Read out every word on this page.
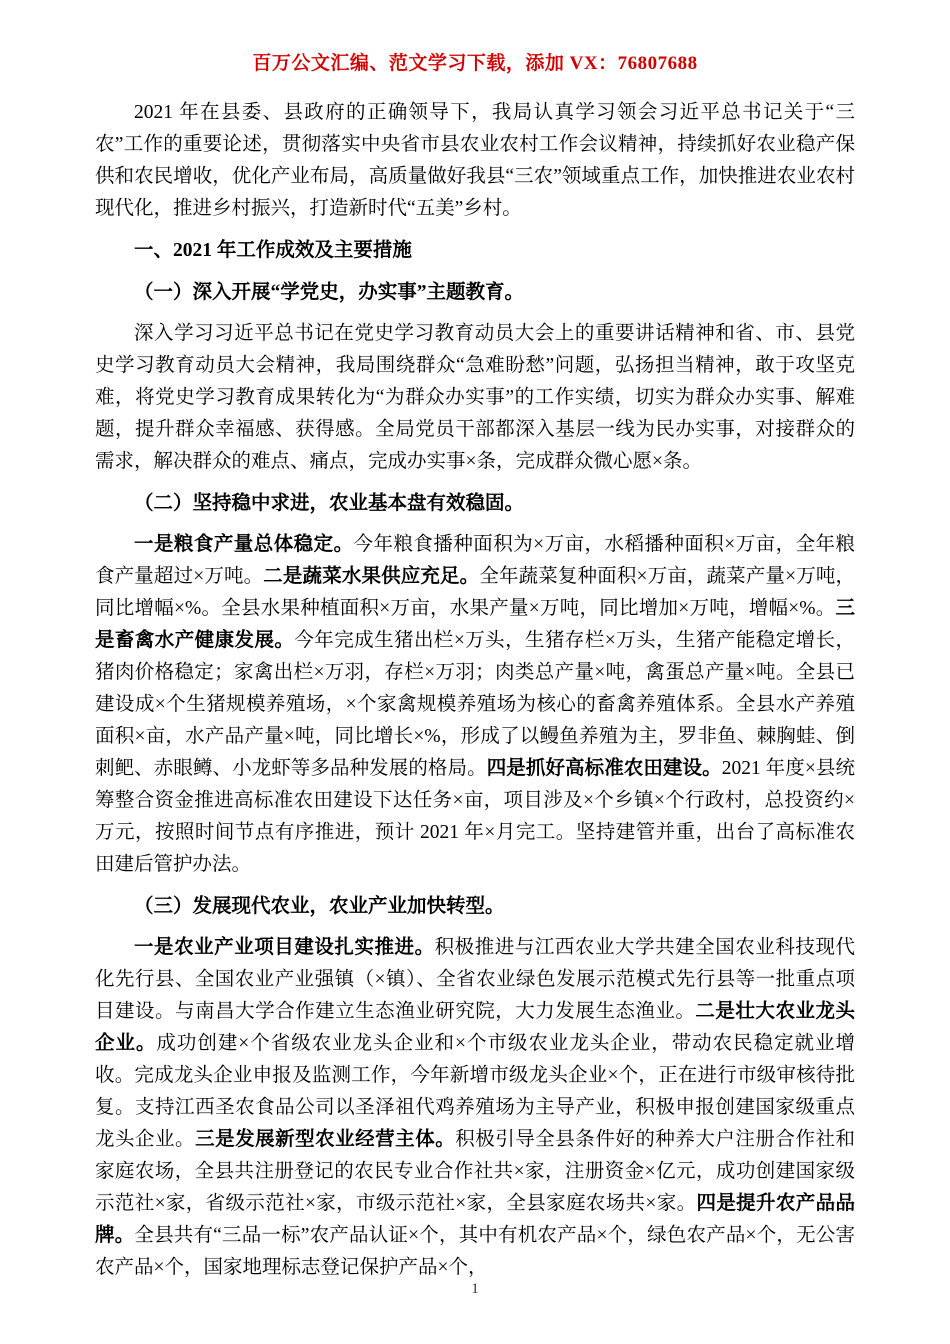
百万公文汇编、范文学习下载，添加 VX：76807688

2021 年在县委、县政府的正确领导下，我局认真学习领会习近平总书记关于“三农”工作的重要论述，贯彻落实中央省市县农业农村工作会议精神，持续抓好农业稳产保供和农民增收，优化产业布局，高质量做好我县“三农”领域重点工作，加快推进农业农村现代化，推进乡村振兴，打造新时代“五美”乡村。

一、2021 年工作成效及主要措施

（一）深入开展“学党史，办实事”主题教育。

深入学习习近平总书记在党史学习教育动员大会上的重要讲话精神和省、市、县党史学习教育动员大会精神，我局围绕群众“急难盼愁”问题，弘扬担当精神，敢于攻坚克难，将党史学习教育成果转化为“为群众办实事”的工作实绩，切实为群众办实事、解难题，提升群众幸福感、获得感。全局党员干部都深入基层一线为民办实事，对接群众的需求，解决群众的难点、痛点，完成办实事×条，完成群众微心愿×条。

（二）坚持稳中求进，农业基本盘有效稳固。

一是粮食产量总体稳定。今年粮食播种面积为×万亩，水稻播种面积×万亩，全年粮食产量超过×万吨。二是蔬菜水果供应充足。全年蔬菜复种面积×万亩，蔬菜产量×万吨，同比增幅×%。全县水果种植面积×万亩，水果产量×万吨，同比增加×万吨，增幅×%。三是畜禽水产健康发展。今年完成生猪出栏×万头，生猪存栏×万头，生猪产能稳定增长，猪肉价格稳定；家禽出栏×万羽，存栏×万羽；肉类总产量×吨，禽蛋总产量×吨。全县已建设成×个生猪规模养殖场，×个家禽规模养殖场为核心的畜禽养殖体系。全县水产养殖面积×亩，水产品产量×吨，同比增长×%，形成了以鳗鱼养殖为主，罗非鱼、棘胸蛙、倒刺鲃、赤眼鳟、小龙虾等多品种发展的格局。四是抓好高标准农田建设。2021 年度×县统筹整合资金推进高标准农田建设下达任务×亩，项目涉及×个乡镇×个行政村，总投资约×万元，按照时间节点有序推进，预计 2021 年×月完工。坚持建管并重，出台了高标准农田建后管护办法。

（三）发展现代农业，农业产业加快转型。

一是农业产业项目建设扎实推进。积极推进与江西农业大学共建全国农业科技现代化先行县、全国农业产业强镇（×镇）、全省农业绿色发展示范模式先行县等一批重点项目建设。与南昌大学合作建立生态渔业研究院，大力发展生态渔业。二是壮大农业龙头企业。成功创建×个省级农业龙头企业和×个市级农业龙头企业，带动农民稳定就业增收。完成龙头企业申报及监测工作，今年新增市级龙头企业×个，正在进行市级审核待批复。支持江西圣农食品公司以圣泽祖代鸡养殖场为主导产业，积极申报创建国家级重点龙头企业。三是发展新型农业经营主体。积极引导全县条件好的种养大户注册合作社和家庭农场，全县共注册登记的农民专业合作社共×家，注册资金×亿元，成功创建国家级示范社×家，省级示范社×家，市级示范社×家，全县家庭农场共×家。四是提升农产品品牌。全县共有“三品一标”农产品认证×个，其中有机农产品×个，绿色农产品×个，无公害农产品×个，国家地理标志登记保护产品×个，

1
